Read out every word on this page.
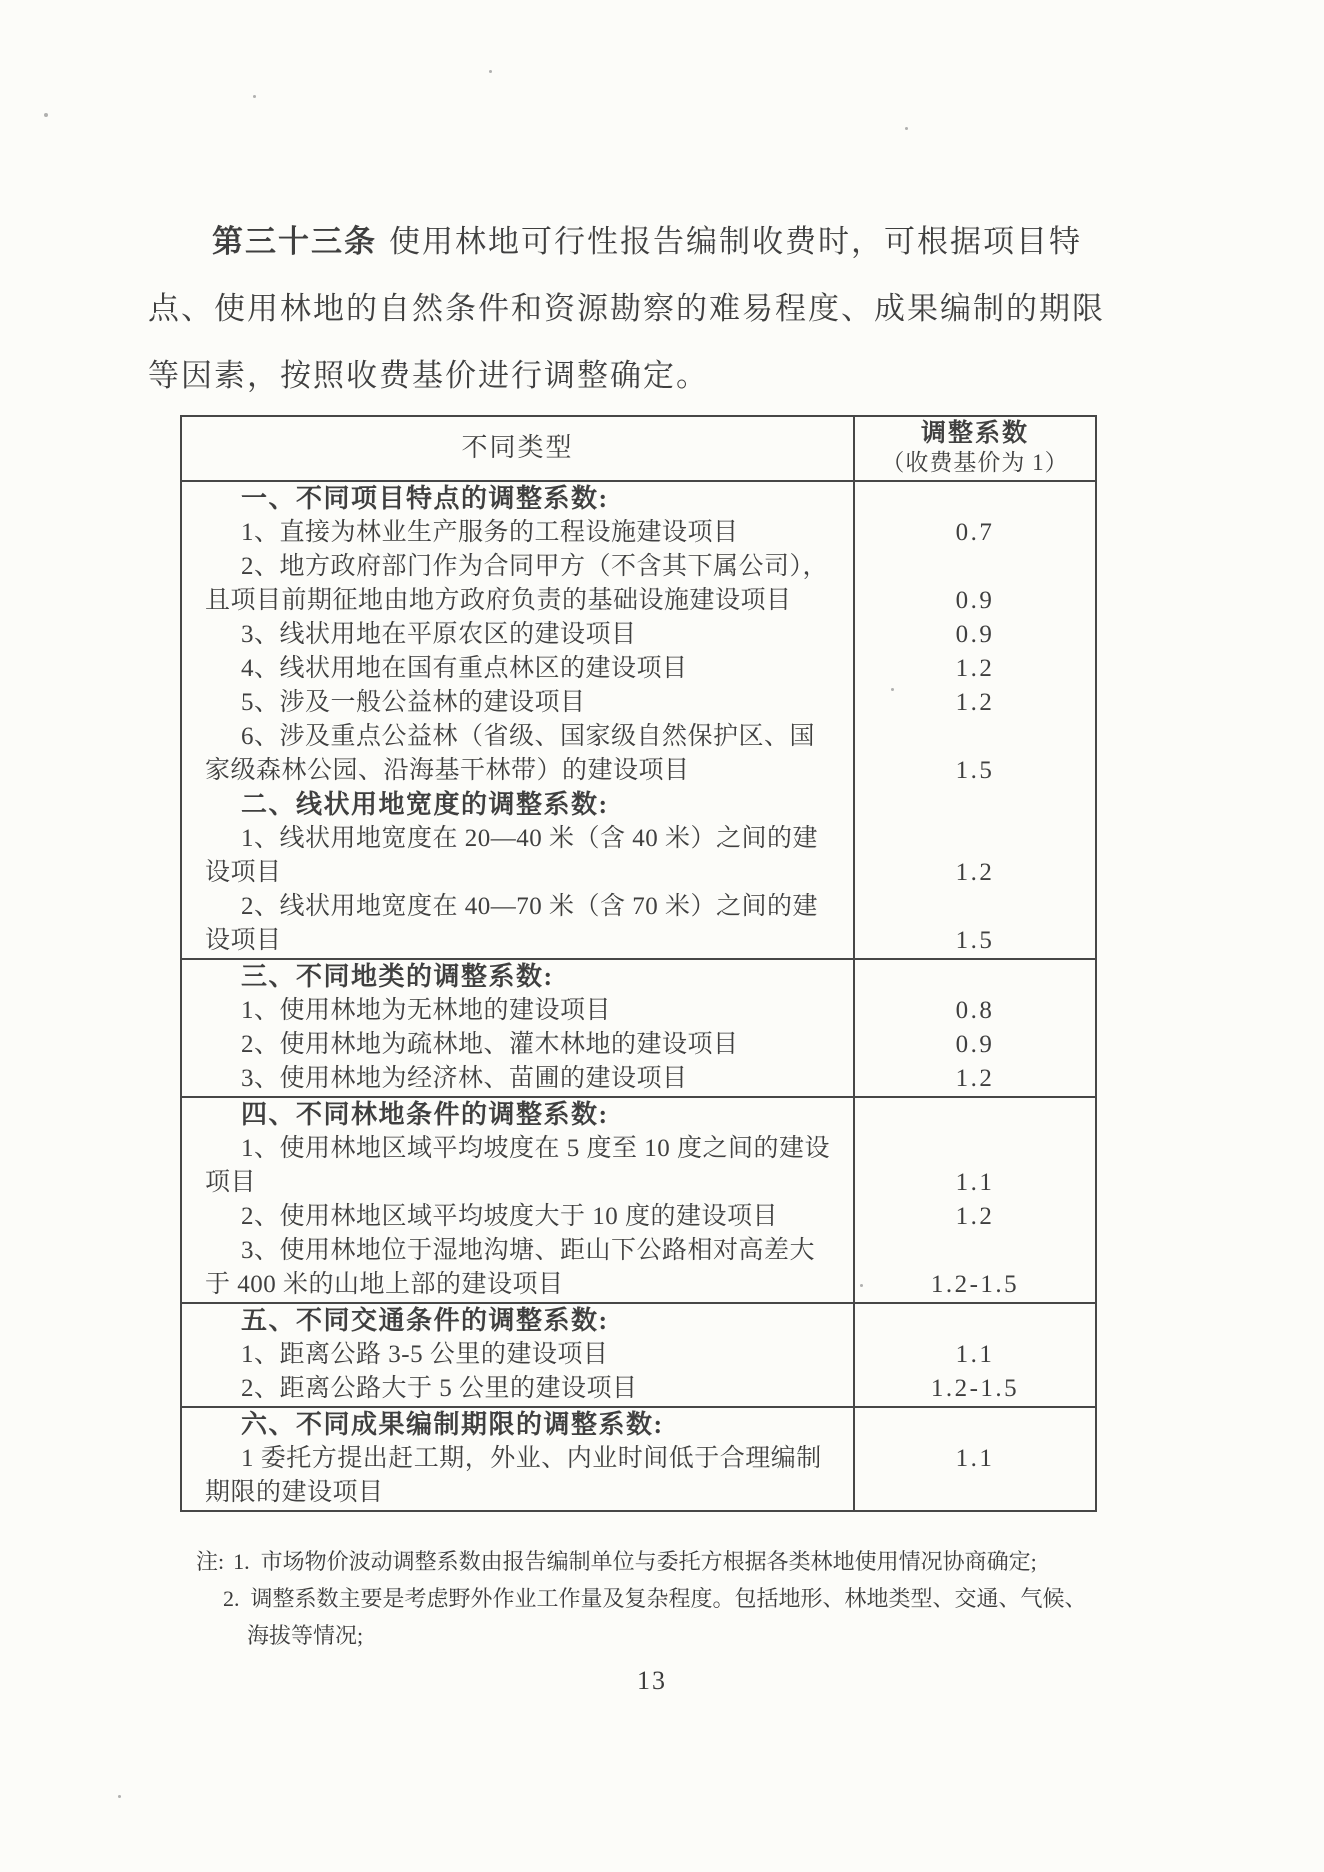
第三十三条 使用林地可行性报告编制收费时，可根据项目特
点、使用林地的自然条件和资源勘察的难易程度、成果编制的期限
等因素，按照收费基价进行调整确定。
不同类型	调整系数
（收费基价为 1）
一、不同项目特点的调整系数:
1、直接为林业生产服务的工程设施建设项目	0.7
2、地方政府部门作为合同甲方（不含其下属公司），
且项目前期征地由地方政府负责的基础设施建设项目	0.9
3、线状用地在平原农区的建设项目	0.9
4、线状用地在国有重点林区的建设项目	1.2
5、涉及一般公益林的建设项目	1.2
6、涉及重点公益林（省级、国家级自然保护区、国
家级森林公园、沿海基干林带）的建设项目	1.5
二、线状用地宽度的调整系数:
1、线状用地宽度在 20—40 米（含 40 米）之间的建
设项目	1.2
2、线状用地宽度在 40—70 米（含 70 米）之间的建
设项目	1.5
三、不同地类的调整系数:
1、使用林地为无林地的建设项目	0.8
2、使用林地为疏林地、灌木林地的建设项目	0.9
3、使用林地为经济林、苗圃的建设项目	1.2
四、不同林地条件的调整系数:
1、使用林地区域平均坡度在 5 度至 10 度之间的建设
项目	1.1
2、使用林地区域平均坡度大于 10 度的建设项目	1.2
3、使用林地位于湿地沟塘、距山下公路相对高差大
于 400 米的山地上部的建设项目	1.2-1.5
五、不同交通条件的调整系数:
1、距离公路 3-5 公里的建设项目	1.1
2、距离公路大于 5 公里的建设项目	1.2-1.5
六、不同成果编制期限的调整系数:
1 委托方提出赶工期，外业、内业时间低于合理编制	1.1
期限的建设项目
注: 1. 市场物价波动调整系数由报告编制单位与委托方根据各类林地使用情况协商确定;
2. 调整系数主要是考虑野外作业工作量及复杂程度。包括地形、林地类型、交通、气候、
海拔等情况;
13
